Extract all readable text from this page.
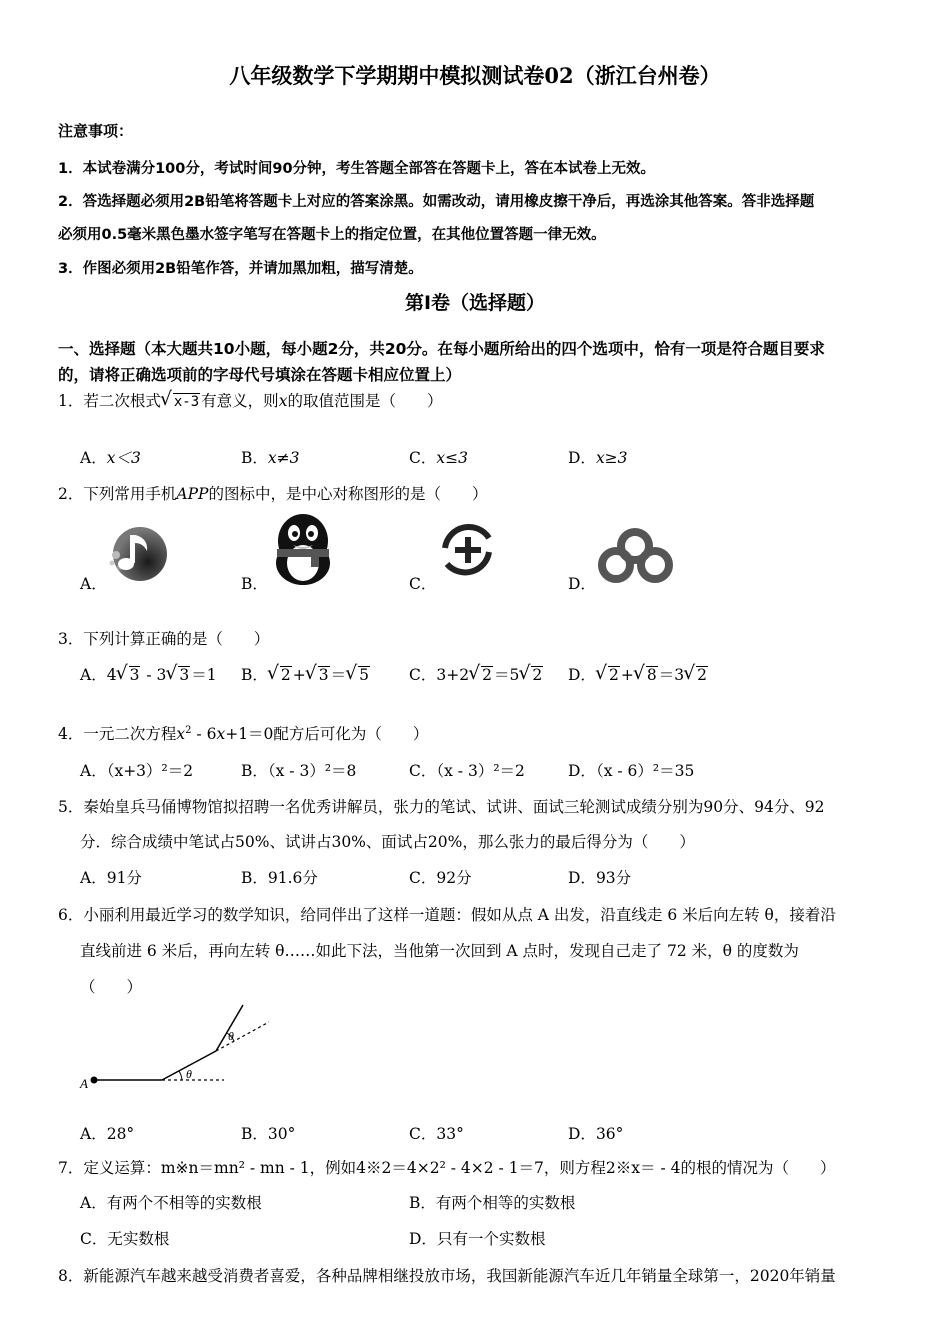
八年级数学下学期期中模拟测试卷02（浙江台州卷）
注意事项：
1．本试卷满分100分，考试时间90分钟，考生答题全部答在答题卡上，答在本试卷上无效。
2．答选择题必须用2B铅笔将答题卡上对应的答案涂黑。如需改动，请用橡皮擦干净后，再选涂其他答案。答非选择题
必须用0.5毫米黑色墨水签字笔写在答题卡上的指定位置，在其他位置答题一律无效。
3．作图必须用2B铅笔作答，并请加黑加粗，描写清楚。
第Ⅰ卷（选择题）
一、选择题（本大题共10小题，每小题2分，共20分。在每小题所给出的四个选项中，恰有一项是符合题目要求
的，请将正确选项前的字母代号填涂在答题卡相应位置上）
1．若二次根式 √ x-3 有意义，则x的取值范围是（　　）
A．x＜3	B．x≠3	C．x≤3	D．x≥3
2．下列常用手机APP的图标中，是中心对称图形的是（　　）
A．	B．	C．	D．
3．下列计算正确的是（　　）
A．4 √ 3 - 3 √ 3 ＝1 B． √ 2 + √ 3 ＝ √ 5	C．3+2 √ 2 ＝5 √ 2 D． √ 2 + √ 8 ＝3 √ 2
4．一元二次方程$x^2 - 6x+1=0$配方后可化为（　　）
A．（x+3）²＝2	B．（x - 3）²＝8	C．（x - 3）²＝2	D．（x - 6）²＝35
5．秦始皇兵马俑博物馆拟招聘一名优秀讲解员，张力的笔试、试讲、面试三轮测试成绩分别为90分、94分、92
分．综合成绩中笔试占50%、试讲占30%、面试占20%，那么张力的最后得分为（　　）
A．91分	B．91.6分	C．92分	D．93分
6．小丽利用最近学习的数学知识，给同伴出了这样一道题：假如从点 A 出发，沿直线走 6 米后向左转 θ，接着沿
直线前进 6 米后，再向左转 θ……如此下法，当他第一次回到 A 点时，发现自己走了 72 米，θ 的度数为
（　　）
A
θ
θ
A．28°	B．30°	C．33°	D．36°
7．定义运算：m※n＝mn² - mn - 1，例如4※2＝4×2² - 4×2 - 1＝7，则方程2※x＝ - 4的根的情况为（　　）
A．有两个不相等的实数根	B．有两个相等的实数根
C．无实数根	D．只有一个实数根
8．新能源汽车越来越受消费者喜爱，各种品牌相继投放市场，我国新能源汽车近几年销量全球第一，2020年销量
